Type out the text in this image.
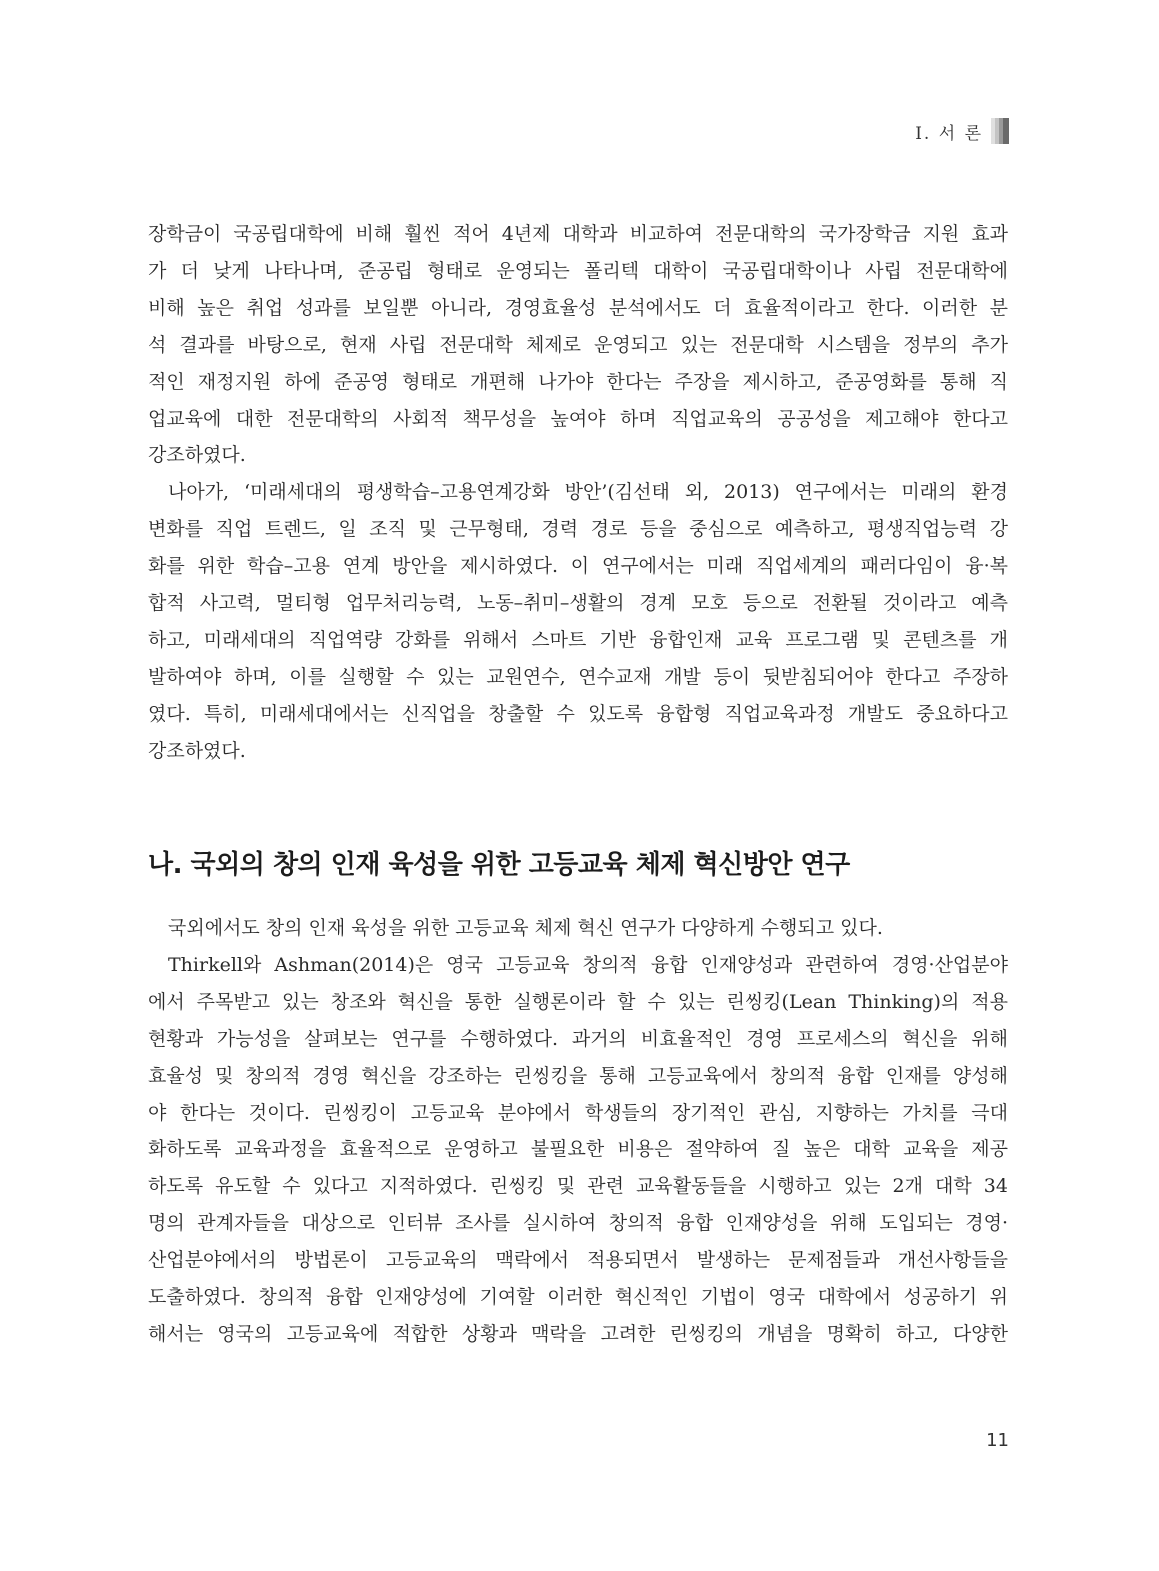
Ⅰ. 서 론

장학금이 국공립대학에 비해 훨씬 적어 4년제 대학과 비교하여 전문대학의 국가장학금 지원 효과

가 더 낮게 나타나며, 준공립 형태로 운영되는 폴리텍 대학이 국공립대학이나 사립 전문대학에

비해 높은 취업 성과를 보일뿐 아니라, 경영효율성 분석에서도 더 효율적이라고 한다. 이러한 분

석 결과를 바탕으로, 현재 사립 전문대학 체제로 운영되고 있는 전문대학 시스템을 정부의 추가

적인 재정지원 하에 준공영 형태로 개편해 나가야 한다는 주장을 제시하고, 준공영화를 통해 직

업교육에 대한 전문대학의 사회적 책무성을 높여야 하며 직업교육의 공공성을 제고해야 한다고

강조하였다.

나아가, ‘미래세대의 평생학습–고용연계강화 방안’(김선태 외, 2013) 연구에서는 미래의 환경

변화를 직업 트렌드, 일 조직 및 근무형태, 경력 경로 등을 중심으로 예측하고, 평생직업능력 강

화를 위한 학습–고용 연계 방안을 제시하였다. 이 연구에서는 미래 직업세계의 패러다임이 융·복

합적 사고력, 멀티형 업무처리능력, 노동–취미–생활의 경계 모호 등으로 전환될 것이라고 예측

하고, 미래세대의 직업역량 강화를 위해서 스마트 기반 융합인재 교육 프로그램 및 콘텐츠를 개

발하여야 하며, 이를 실행할 수 있는 교원연수, 연수교재 개발 등이 뒷받침되어야 한다고 주장하

였다. 특히, 미래세대에서는 신직업을 창출할 수 있도록 융합형 직업교육과정 개발도 중요하다고

강조하였다.

나. 국외의 창의 인재 육성을 위한 고등교육 체제 혁신방안 연구

국외에서도 창의 인재 육성을 위한 고등교육 체제 혁신 연구가 다양하게 수행되고 있다.

Thirkell와 Ashman(2014)은 영국 고등교육 창의적 융합 인재양성과 관련하여 경영·산업분야

에서 주목받고 있는 창조와 혁신을 통한 실행론이라 할 수 있는 린씽킹(Lean Thinking)의 적용

현황과 가능성을 살펴보는 연구를 수행하였다. 과거의 비효율적인 경영 프로세스의 혁신을 위해

효율성 및 창의적 경영 혁신을 강조하는 린씽킹을 통해 고등교육에서 창의적 융합 인재를 양성해

야 한다는 것이다. 린씽킹이 고등교육 분야에서 학생들의 장기적인 관심, 지향하는 가치를 극대

화하도록 교육과정을 효율적으로 운영하고 불필요한 비용은 절약하여 질 높은 대학 교육을 제공

하도록 유도할 수 있다고 지적하였다. 린씽킹 및 관련 교육활동들을 시행하고 있는 2개 대학 34

명의 관계자들을 대상으로 인터뷰 조사를 실시하여 창의적 융합 인재양성을 위해 도입되는 경영·

산업분야에서의 방법론이 고등교육의 맥락에서 적용되면서 발생하는 문제점들과 개선사항들을

도출하였다. 창의적 융합 인재양성에 기여할 이러한 혁신적인 기법이 영국 대학에서 성공하기 위

해서는 영국의 고등교육에 적합한 상황과 맥락을 고려한 린씽킹의 개념을 명확히 하고, 다양한

11
